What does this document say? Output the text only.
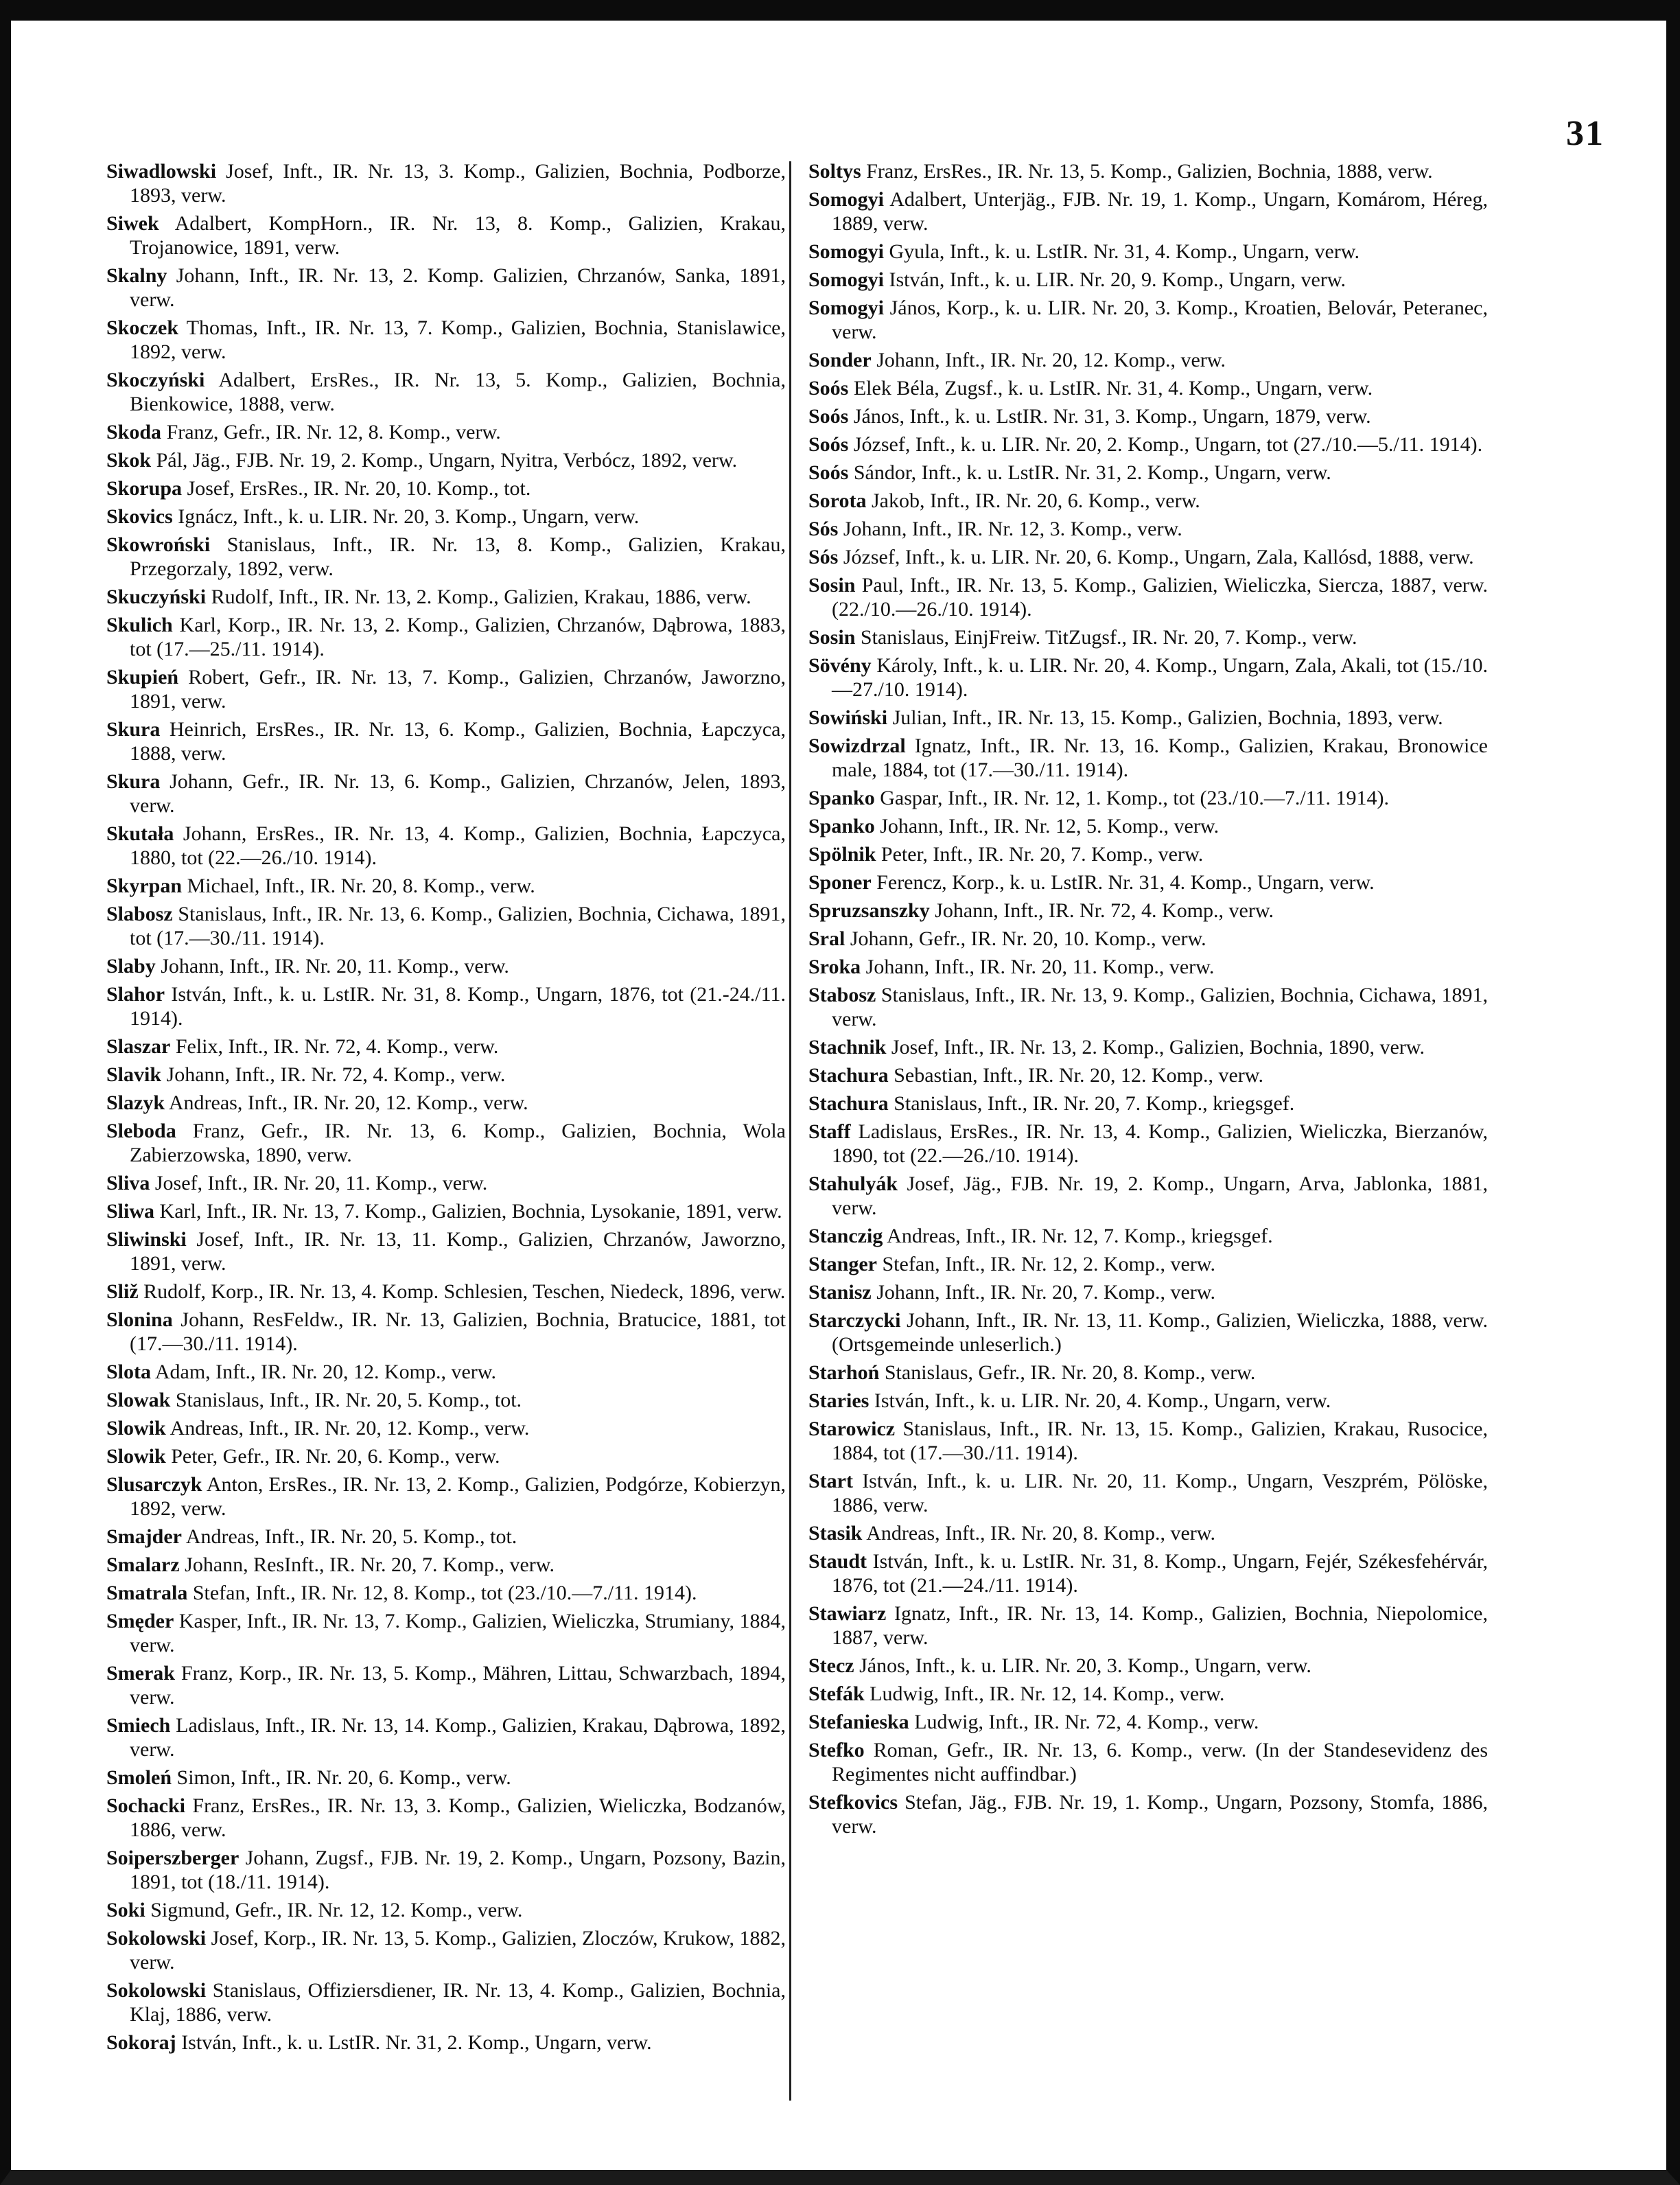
31

Siwadlowski Josef, Inft., IR. Nr. 13, 3. Komp., Galizien, Bochnia, Podborze, 1893, verw.

Siwek Adalbert, KompHorn., IR. Nr. 13, 8. Komp., Galizien, Krakau, Trojanowice, 1891, verw.

Skalny Johann, Inft., IR. Nr. 13, 2. Komp. Galizien, Chrzanów, Sanka, 1891, verw.

Skoczek Thomas, Inft., IR. Nr. 13, 7. Komp., Galizien, Bochnia, Stanislawice, 1892, verw.

Skoczyński Adalbert, ErsRes., IR. Nr. 13, 5. Komp., Galizien, Bochnia, Bienkowice, 1888, verw.

Skoda Franz, Gefr., IR. Nr. 12, 8. Komp., verw.

Skok Pál, Jäg., FJB. Nr. 19, 2. Komp., Ungarn, Nyitra, Verbócz, 1892, verw.

Skorupa Josef, ErsRes., IR. Nr. 20, 10. Komp., tot.

Skovics Ignácz, Inft., k. u. LIR. Nr. 20, 3. Komp., Ungarn, verw.

Skowroński Stanislaus, Inft., IR. Nr. 13, 8. Komp., Galizien, Krakau, Przegorzaly, 1892, verw.

Skuczyński Rudolf, Inft., IR. Nr. 13, 2. Komp., Galizien, Krakau, 1886, verw.

Skulich Karl, Korp., IR. Nr. 13, 2. Komp., Galizien, Chrzanów, Dąbrowa, 1883, tot (17.—25./11. 1914).

Skupień Robert, Gefr., IR. Nr. 13, 7. Komp., Galizien, Chrzanów, Jaworzno, 1891, verw.

Skura Heinrich, ErsRes., IR. Nr. 13, 6. Komp., Galizien, Bochnia, Łapczyca, 1888, verw.

Skura Johann, Gefr., IR. Nr. 13, 6. Komp., Galizien, Chrzanów, Jelen, 1893, verw.

Skutała Johann, ErsRes., IR. Nr. 13, 4. Komp., Galizien, Bochnia, Łapczyca, 1880, tot (22.—26./10. 1914).

Skyrpan Michael, Inft., IR. Nr. 20, 8. Komp., verw.

Slabosz Stanislaus, Inft., IR. Nr. 13, 6. Komp., Galizien, Bochnia, Cichawa, 1891, tot (17.—30./11. 1914).

Slaby Johann, Inft., IR. Nr. 20, 11. Komp., verw.

Slahor István, Inft., k. u. LstIR. Nr. 31, 8. Komp., Ungarn, 1876, tot (21.-24./11. 1914).

Slaszar Felix, Inft., IR. Nr. 72, 4. Komp., verw.

Slavik Johann, Inft., IR. Nr. 72, 4. Komp., verw.

Slazyk Andreas, Inft., IR. Nr. 20, 12. Komp., verw.

Sleboda Franz, Gefr., IR. Nr. 13, 6. Komp., Galizien, Bochnia, Wola Zabierzowska, 1890, verw.

Sliva Josef, Inft., IR. Nr. 20, 11. Komp., verw.

Sliwa Karl, Inft., IR. Nr. 13, 7. Komp., Galizien, Bochnia, Lysokanie, 1891, verw.

Sliwinski Josef, Inft., IR. Nr. 13, 11. Komp., Galizien, Chrzanów, Jaworzno, 1891, verw.

Sliž Rudolf, Korp., IR. Nr. 13, 4. Komp. Schlesien, Teschen, Niedeck, 1896, verw.

Slonina Johann, ResFeldw., IR. Nr. 13, Galizien, Bochnia, Bratucice, 1881, tot (17.—30./11. 1914).

Slota Adam, Inft., IR. Nr. 20, 12. Komp., verw.

Slowak Stanislaus, Inft., IR. Nr. 20, 5. Komp., tot.

Slowik Andreas, Inft., IR. Nr. 20, 12. Komp., verw.

Slowik Peter, Gefr., IR. Nr. 20, 6. Komp., verw.

Slusarczyk Anton, ErsRes., IR. Nr. 13, 2. Komp., Galizien, Podgórze, Kobierzyn, 1892, verw.

Smajder Andreas, Inft., IR. Nr. 20, 5. Komp., tot.

Smalarz Johann, ResInft., IR. Nr. 20, 7. Komp., verw.

Smatrala Stefan, Inft., IR. Nr. 12, 8. Komp., tot (23./10.—7./11. 1914).

Smęder Kasper, Inft., IR. Nr. 13, 7. Komp., Galizien, Wieliczka, Strumiany, 1884, verw.

Smerak Franz, Korp., IR. Nr. 13, 5. Komp., Mähren, Littau, Schwarzbach, 1894, verw.

Smiech Ladislaus, Inft., IR. Nr. 13, 14. Komp., Galizien, Krakau, Dąbrowa, 1892, verw.

Smoleń Simon, Inft., IR. Nr. 20, 6. Komp., verw.

Sochacki Franz, ErsRes., IR. Nr. 13, 3. Komp., Galizien, Wieliczka, Bodzanów, 1886, verw.

Soiperszberger Johann, Zugsf., FJB. Nr. 19, 2. Komp., Ungarn, Pozsony, Bazin, 1891, tot (18./11. 1914).

Soki Sigmund, Gefr., IR. Nr. 12, 12. Komp., verw.

Sokolowski Josef, Korp., IR. Nr. 13, 5. Komp., Galizien, Zloczów, Krukow, 1882, verw.

Sokolowski Stanislaus, Offiziersdiener, IR. Nr. 13, 4. Komp., Galizien, Bochnia, Klaj, 1886, verw.

Sokoraj István, Inft., k. u. LstIR. Nr. 31, 2. Komp., Ungarn, verw.

Soltys Franz, ErsRes., IR. Nr. 13, 5. Komp., Galizien, Bochnia, 1888, verw.

Somogyi Adalbert, Unterjäg., FJB. Nr. 19, 1. Komp., Ungarn, Komárom, Héreg, 1889, verw.

Somogyi Gyula, Inft., k. u. LstIR. Nr. 31, 4. Komp., Ungarn, verw.

Somogyi István, Inft., k. u. LIR. Nr. 20, 9. Komp., Ungarn, verw.

Somogyi János, Korp., k. u. LIR. Nr. 20, 3. Komp., Kroatien, Belovár, Peteranec, verw.

Sonder Johann, Inft., IR. Nr. 20, 12. Komp., verw.

Soós Elek Béla, Zugsf., k. u. LstIR. Nr. 31, 4. Komp., Ungarn, verw.

Soós János, Inft., k. u. LstIR. Nr. 31, 3. Komp., Ungarn, 1879, verw.

Soós József, Inft., k. u. LIR. Nr. 20, 2. Komp., Ungarn, tot (27./10.—5./11. 1914).

Soós Sándor, Inft., k. u. LstIR. Nr. 31, 2. Komp., Ungarn, verw.

Sorota Jakob, Inft., IR. Nr. 20, 6. Komp., verw.

Sós Johann, Inft., IR. Nr. 12, 3. Komp., verw.

Sós József, Inft., k. u. LIR. Nr. 20, 6. Komp., Ungarn, Zala, Kallósd, 1888, verw.

Sosin Paul, Inft., IR. Nr. 13, 5. Komp., Galizien, Wieliczka, Siercza, 1887, verw. (22./10.—26./10. 1914).

Sosin Stanislaus, EinjFreiw. TitZugsf., IR. Nr. 20, 7. Komp., verw.

Sövény Károly, Inft., k. u. LIR. Nr. 20, 4. Komp., Ungarn, Zala, Akali, tot (15./10.—27./10. 1914).

Sowiński Julian, Inft., IR. Nr. 13, 15. Komp., Galizien, Bochnia, 1893, verw.

Sowizdrzal Ignatz, Inft., IR. Nr. 13, 16. Komp., Galizien, Krakau, Bronowice male, 1884, tot (17.—30./11. 1914).

Spanko Gaspar, Inft., IR. Nr. 12, 1. Komp., tot (23./10.—7./11. 1914).

Spanko Johann, Inft., IR. Nr. 12, 5. Komp., verw.

Spölnik Peter, Inft., IR. Nr. 20, 7. Komp., verw.

Sponer Ferencz, Korp., k. u. LstIR. Nr. 31, 4. Komp., Ungarn, verw.

Spruzsanszky Johann, Inft., IR. Nr. 72, 4. Komp., verw.

Sral Johann, Gefr., IR. Nr. 20, 10. Komp., verw.

Sroka Johann, Inft., IR. Nr. 20, 11. Komp., verw.

Stabosz Stanislaus, Inft., IR. Nr. 13, 9. Komp., Galizien, Bochnia, Cichawa, 1891, verw.

Stachnik Josef, Inft., IR. Nr. 13, 2. Komp., Galizien, Bochnia, 1890, verw.

Stachura Sebastian, Inft., IR. Nr. 20, 12. Komp., verw.

Stachura Stanislaus, Inft., IR. Nr. 20, 7. Komp., kriegsgef.

Staff Ladislaus, ErsRes., IR. Nr. 13, 4. Komp., Galizien, Wieliczka, Bierzanów, 1890, tot (22.—26./10. 1914).

Stahulyák Josef, Jäg., FJB. Nr. 19, 2. Komp., Ungarn, Arva, Jablonka, 1881, verw.

Stanczig Andreas, Inft., IR. Nr. 12, 7. Komp., kriegsgef.

Stanger Stefan, Inft., IR. Nr. 12, 2. Komp., verw.

Stanisz Johann, Inft., IR. Nr. 20, 7. Komp., verw.

Starczycki Johann, Inft., IR. Nr. 13, 11. Komp., Galizien, Wieliczka, 1888, verw. (Ortsgemeinde unleserlich.)

Starhoń Stanislaus, Gefr., IR. Nr. 20, 8. Komp., verw.

Staries István, Inft., k. u. LIR. Nr. 20, 4. Komp., Ungarn, verw.

Starowicz Stanislaus, Inft., IR. Nr. 13, 15. Komp., Galizien, Krakau, Rusocice, 1884, tot (17.—30./11. 1914).

Start István, Inft., k. u. LIR. Nr. 20, 11. Komp., Ungarn, Veszprém, Pölöske, 1886, verw.

Stasik Andreas, Inft., IR. Nr. 20, 8. Komp., verw.

Staudt István, Inft., k. u. LstIR. Nr. 31, 8. Komp., Ungarn, Fejér, Székesfehérvár, 1876, tot (21.—24./11. 1914).

Stawiarz Ignatz, Inft., IR. Nr. 13, 14. Komp., Galizien, Bochnia, Niepolomice, 1887, verw.

Stecz János, Inft., k. u. LIR. Nr. 20, 3. Komp., Ungarn, verw.

Stefák Ludwig, Inft., IR. Nr. 12, 14. Komp., verw.

Stefanieska Ludwig, Inft., IR. Nr. 72, 4. Komp., verw.

Stefko Roman, Gefr., IR. Nr. 13, 6. Komp., verw. (In der Standesevidenz des Regimentes nicht auffindbar.)

Stefkovics Stefan, Jäg., FJB. Nr. 19, 1. Komp., Ungarn, Pozsony, Stomfa, 1886, verw.
